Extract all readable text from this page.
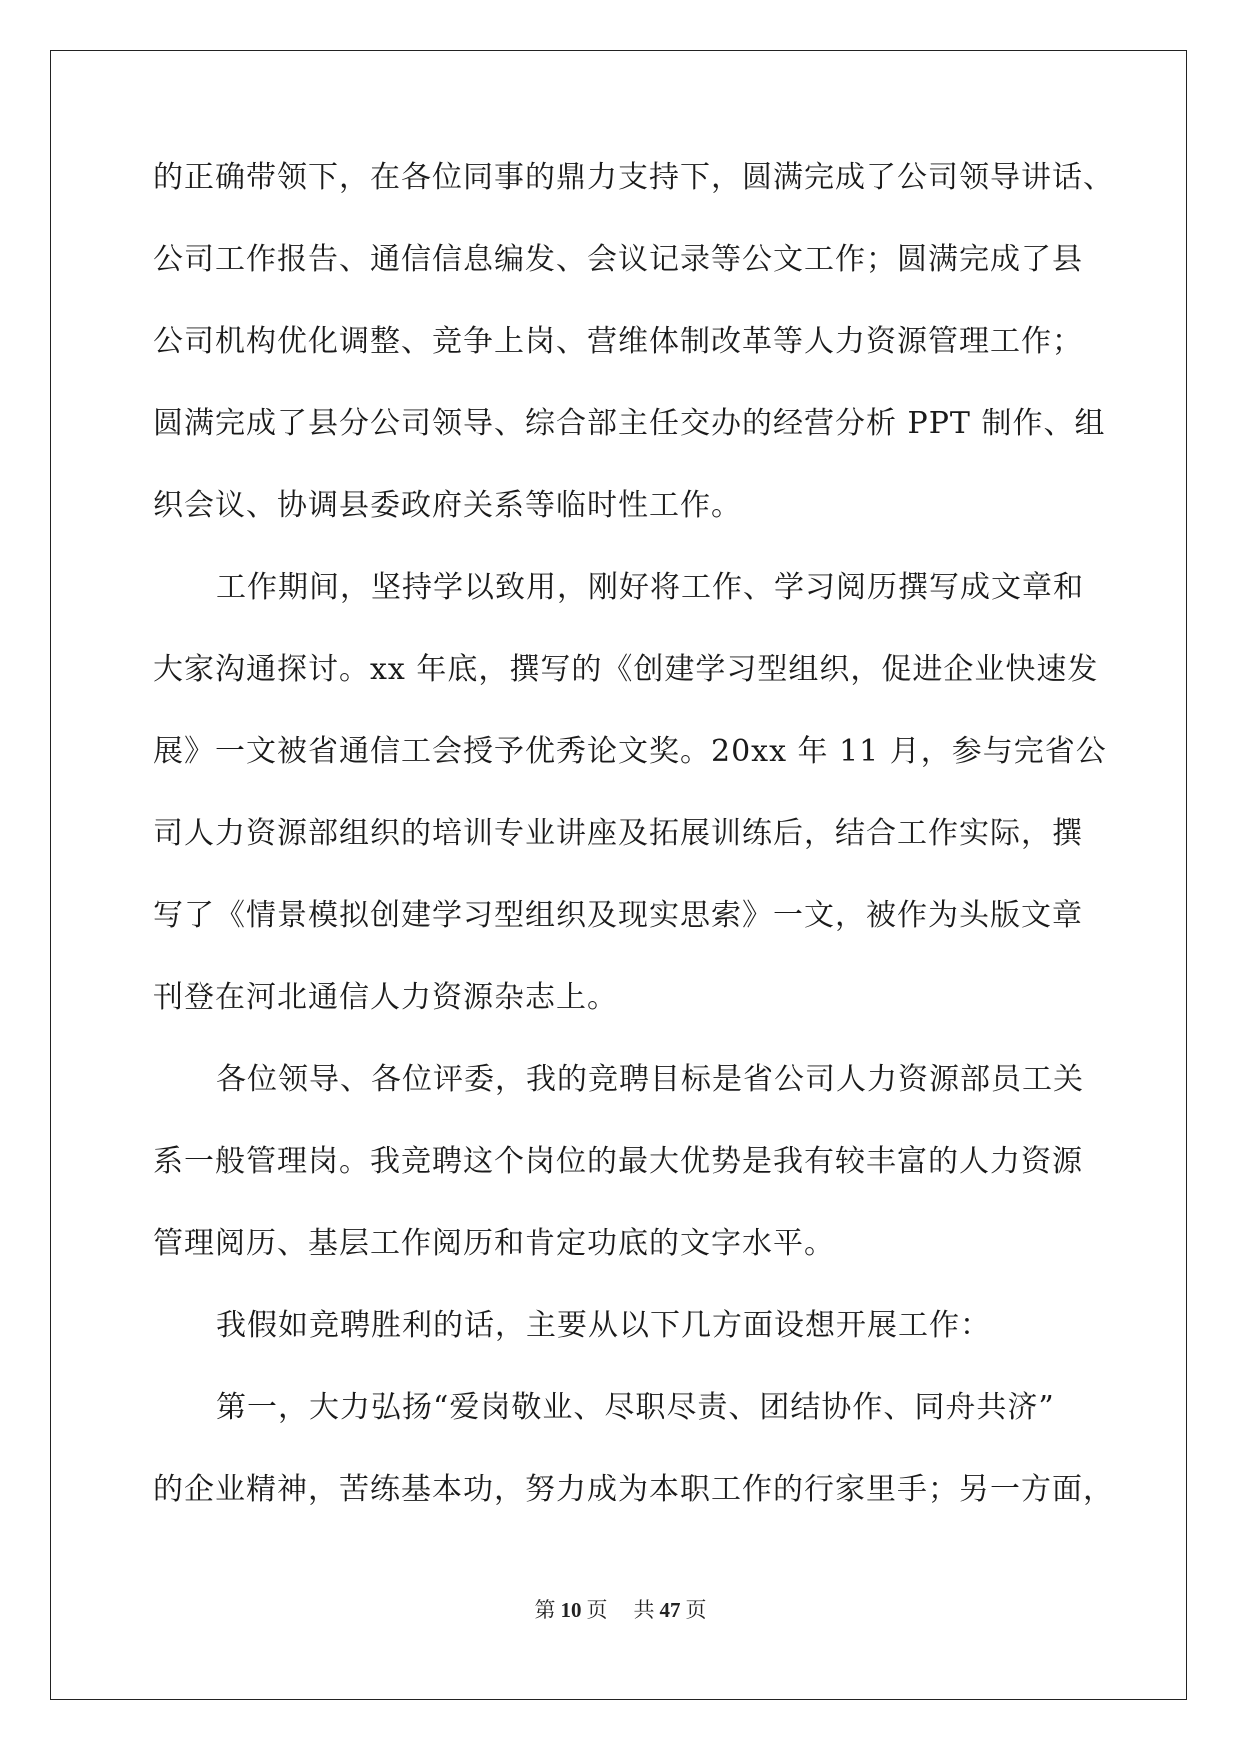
的正确带领下，在各位同事的鼎力支持下，圆满完成了公司领导讲话、
公司工作报告、通信信息编发、会议记录等公文工作；圆满完成了县
公司机构优化调整、竞争上岗、营维体制改革等人力资源管理工作；
圆满完成了县分公司领导、综合部主任交办的经营分析 PPT 制作、组
织会议、协调县委政府关系等临时性工作。
工作期间，坚持学以致用，刚好将工作、学习阅历撰写成文章和
大家沟通探讨。xx 年底，撰写的《创建学习型组织，促进企业快速发
展》一文被省通信工会授予优秀论文奖。20xx 年 11 月，参与完省公
司人力资源部组织的培训专业讲座及拓展训练后，结合工作实际，撰
写了《情景模拟创建学习型组织及现实思索》一文，被作为头版文章
刊登在河北通信人力资源杂志上。
各位领导、各位评委，我的竞聘目标是省公司人力资源部员工关
系一般管理岗。我竞聘这个岗位的最大优势是我有较丰富的人力资源
管理阅历、基层工作阅历和肯定功底的文字水平。
我假如竞聘胜利的话，主要从以下几方面设想开展工作：
第一，大力弘扬“爱岗敬业、尽职尽责、团结协作、同舟共济”
的企业精神，苦练基本功，努力成为本职工作的行家里手；另一方面，
第 10 页 共 47 页
